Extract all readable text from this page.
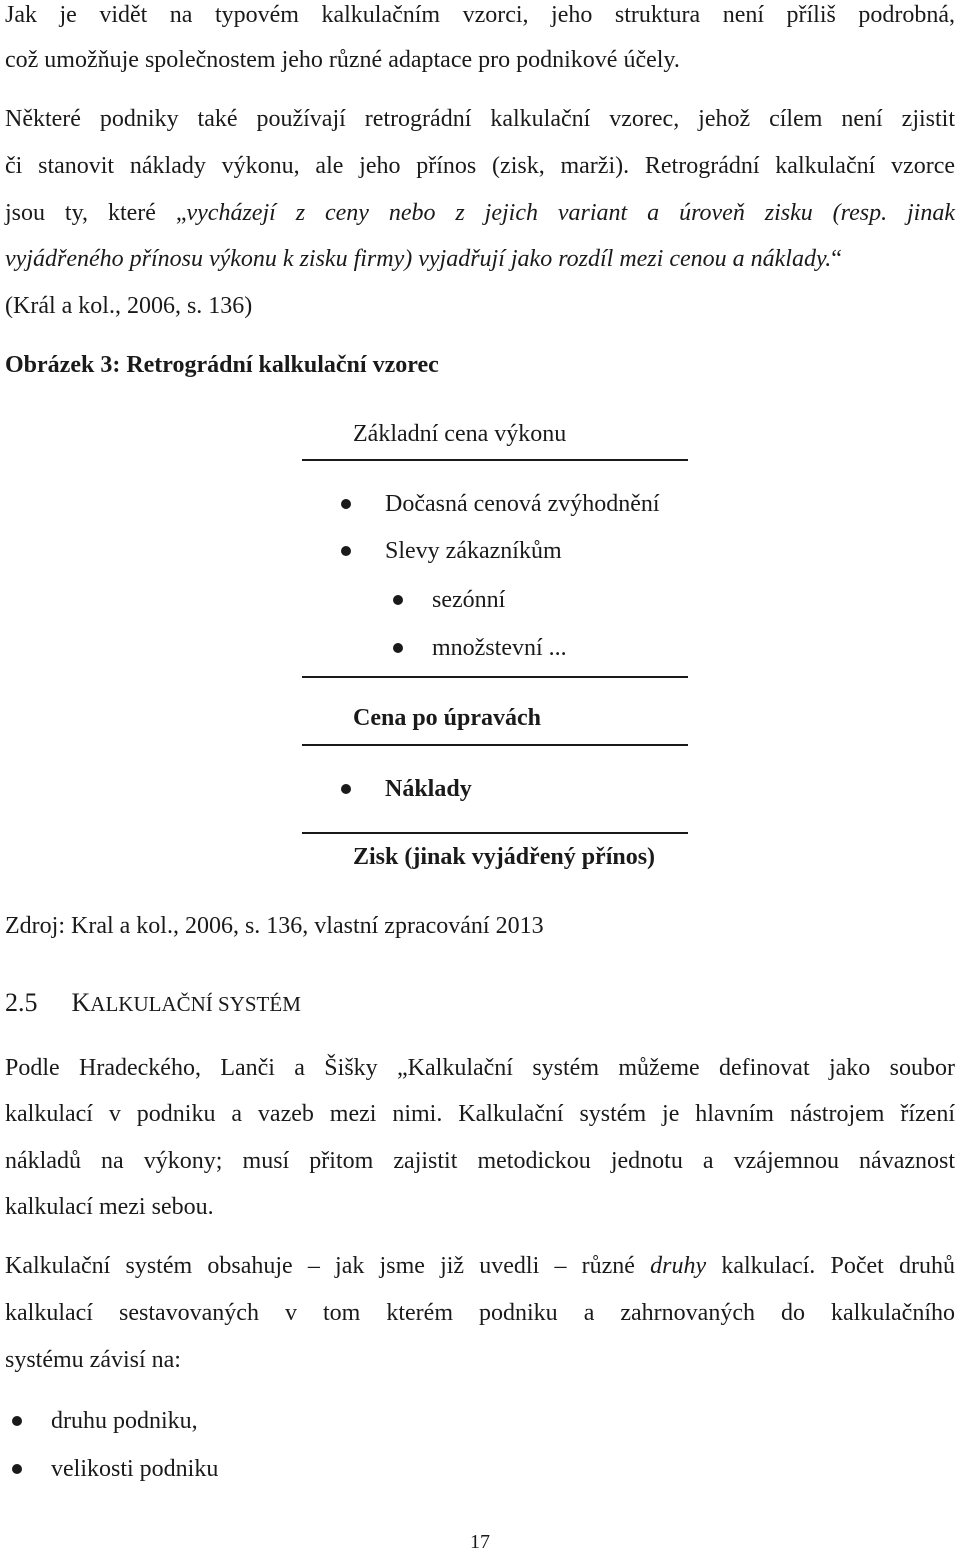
Jak je vidět na typovém kalkulačním vzorci, jeho struktura není příliš podrobná,
což umožňuje společnostem jeho různé adaptace pro podnikové účely.
Některé podniky také používají retrográdní kalkulační vzorec, jehož cílem není zjistit
či stanovit náklady výkonu, ale jeho přínos (zisk, marži). Retrográdní kalkulační vzorce
jsou ty, které „vycházejí z ceny nebo z jejich variant a úroveň zisku (resp. jinak
vyjádřeného přínosu výkonu k zisku firmy) vyjadřují jako rozdíl mezi cenou a náklady.“
(Král a kol., 2006, s. 136)
Obrázek 3: Retrográdní kalkulační vzorec
Základní cena výkonu
Dočasná cenová zvýhodnění
Slevy zákazníkům
sezónní
množstevní ...
Cena po úpravách
Náklady
Zisk (jinak vyjádřený přínos)
Zdroj: Kral a kol., 2006, s. 136, vlastní zpracování 2013
2.5 KALKULAČNÍ SYSTÉM
Podle Hradeckého, Lanči a Šišky „Kalkulační systém můžeme definovat jako soubor
kalkulací v podniku a vazeb mezi nimi. Kalkulační systém je hlavním nástrojem řízení
nákladů na výkony; musí přitom zajistit metodickou jednotu a vzájemnou návaznost
kalkulací mezi sebou.
Kalkulační systém obsahuje – jak jsme již uvedli – různé druhy kalkulací. Počet druhů
kalkulací sestavovaných v tom kterém podniku a zahrnovaných do kalkulačního
systému závisí na:
druhu podniku,
velikosti podniku
17
